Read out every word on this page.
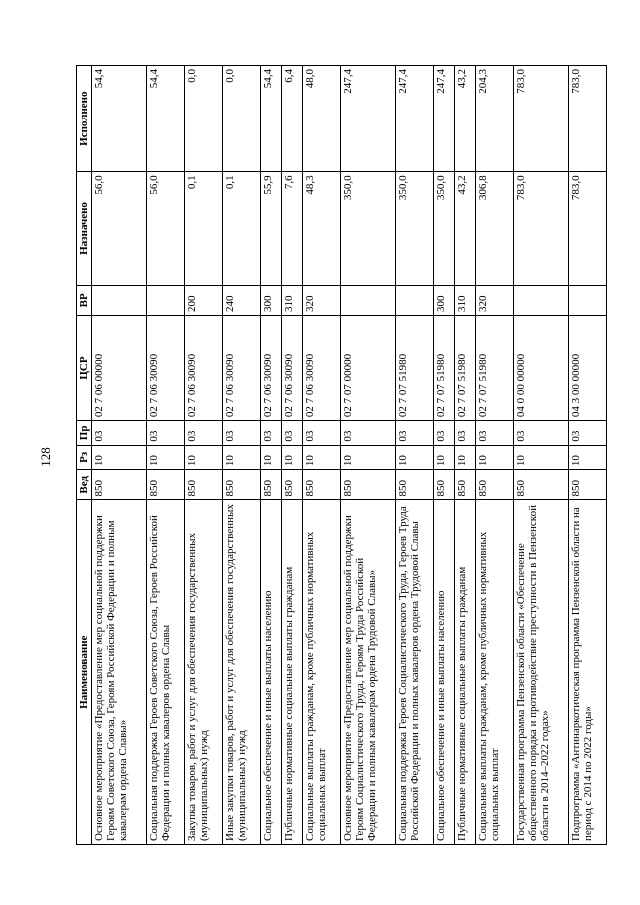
128
Наименование	Вед	Рз	Пр	ЦСР	ВР	Назначено	Исполнено
Основное мероприятие «Предоставление мер социальной поддержки Героям Советского Союза, Героям Российской Федерации и полным кавалерам ордена Славы»	850	10	03	02 7 06 00000		56,0	54,4
Социальная поддержка Героев Советского Союза, Героев Российской Федерации и полных кавалеров ордена Славы	850	10	03	02 7 06 30090		56,0	54,4
Закупка товаров, работ и услуг для обеспечения государственных (муниципальных) нужд	850	10	03	02 7 06 30090	200	0,1	0,0
Иные закупки товаров, работ и услуг для обеспечения государственных (муниципальных) нужд	850	10	03	02 7 06 30090	240	0,1	0,0
Социальное обеспечение и иные выплаты населению	850	10	03	02 7 06 30090	300	55,9	54,4
Публичные нормативные социальные выплаты гражданам	850	10	03	02 7 06 30090	310	7,6	6,4
Социальные выплаты гражданам, кроме публичных нормативных социальных выплат	850	10	03	02 7 06 30090	320	48,3	48,0
Основное мероприятие «Предоставление мер социальной поддержки Героям Социалистического Труда, Героям Труда Российской Федерации и полным кавалерам ордена Трудовой Славы»	850	10	03	02 7 07 00000		350,0	247,4
Социальная поддержка Героев Социалистического Труда, Героев Труда Российской Федерации и полных кавалеров ордена Трудовой Славы	850	10	03	02 7 07 51980		350,0	247,4
Социальное обеспечение и иные выплаты населению	850	10	03	02 7 07 51980	300	350,0	247,4
Публичные нормативные социальные выплаты гражданам	850	10	03	02 7 07 51980	310	43,2	43,2
Социальные выплаты гражданам, кроме публичных нормативных социальных выплат	850	10	03	02 7 07 51980	320	306,8	204,3
Государственная программа Пензенской области «Обеспечение общественного порядка и противодействие преступности в Пензенской области в 2014–2022 годах»	850	10	03	04 0 00 00000		783,0	783,0
Подпрограмма «Антинаркотическая программа Пензенской области на период с 2014 по 2022 годы»	850	10	03	04 3 00 00000		783,0	783,0
